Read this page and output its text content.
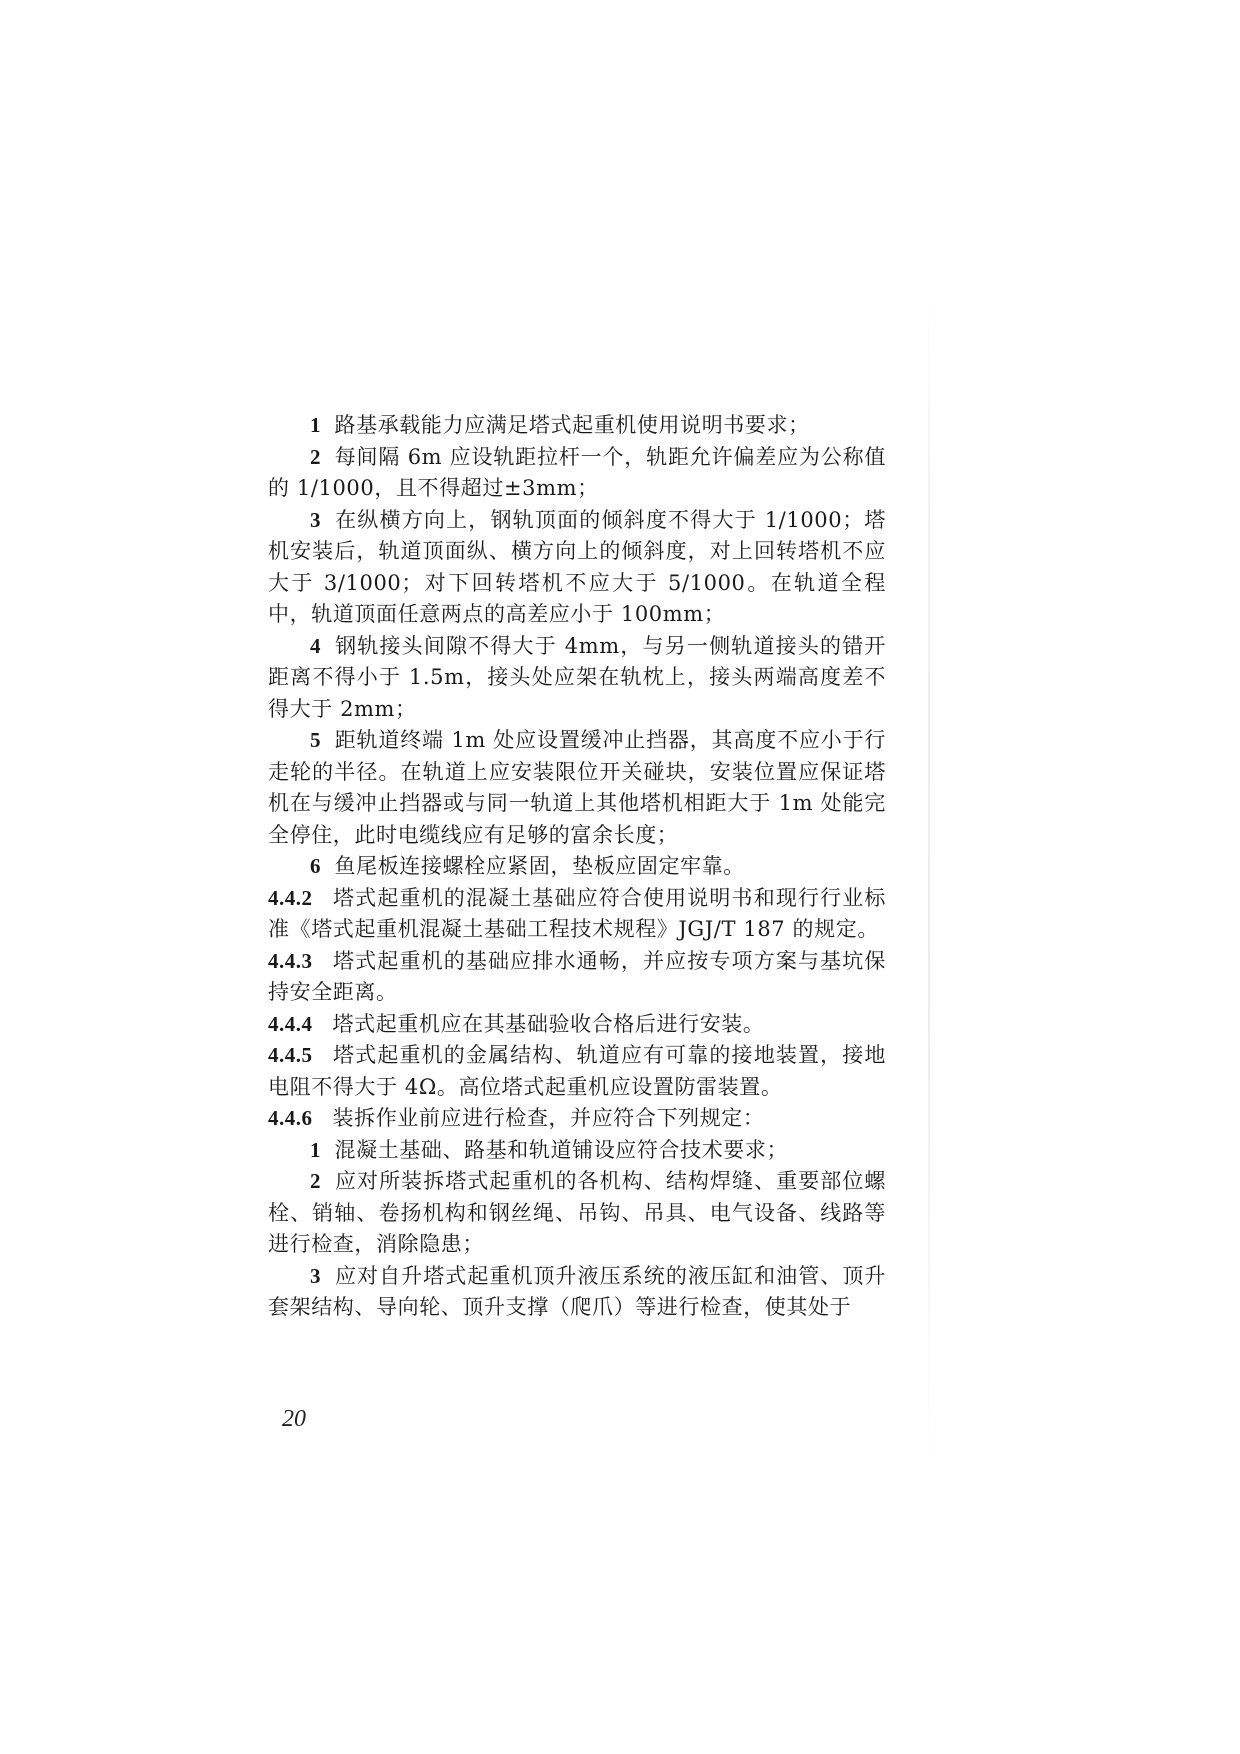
1 路基承载能力应满足塔式起重机使用说明书要求；

2 每间隔 6m 应设轨距拉杆一个，轨距允许偏差应为公称值的 1/1000，且不得超过±3mm；

3 在纵横方向上，钢轨顶面的倾斜度不得大于 1/1000；塔机安装后，轨道顶面纵、横方向上的倾斜度，对上回转塔机不应大于 3/1000；对下回转塔机不应大于 5/1000。在轨道全程中，轨道顶面任意两点的高差应小于 100mm；

4 钢轨接头间隙不得大于 4mm，与另一侧轨道接头的错开距离不得小于 1.5m，接头处应架在轨枕上，接头两端高度差不得大于 2mm；

5 距轨道终端 1m 处应设置缓冲止挡器，其高度不应小于行走轮的半径。在轨道上应安装限位开关碰块，安装位置应保证塔机在与缓冲止挡器或与同一轨道上其他塔机相距大于 1m 处能完全停住，此时电缆线应有足够的富余长度；

6 鱼尾板连接螺栓应紧固，垫板应固定牢靠。

4.4.2 塔式起重机的混凝土基础应符合使用说明书和现行行业标准《塔式起重机混凝土基础工程技术规程》JGJ/T 187 的规定。

4.4.3 塔式起重机的基础应排水通畅，并应按专项方案与基坑保持安全距离。

4.4.4 塔式起重机应在其基础验收合格后进行安装。

4.4.5 塔式起重机的金属结构、轨道应有可靠的接地装置，接地电阻不得大于 4Ω。高位塔式起重机应设置防雷装置。

4.4.6 装拆作业前应进行检查，并应符合下列规定：

1 混凝土基础、路基和轨道铺设应符合技术要求；

2 应对所装拆塔式起重机的各机构、结构焊缝、重要部位螺栓、销轴、卷扬机构和钢丝绳、吊钩、吊具、电气设备、线路等进行检查，消除隐患；

3 应对自升塔式起重机顶升液压系统的液压缸和油管、顶升套架结构、导向轮、顶升支撑（爬爪）等进行检查，使其处于

20
